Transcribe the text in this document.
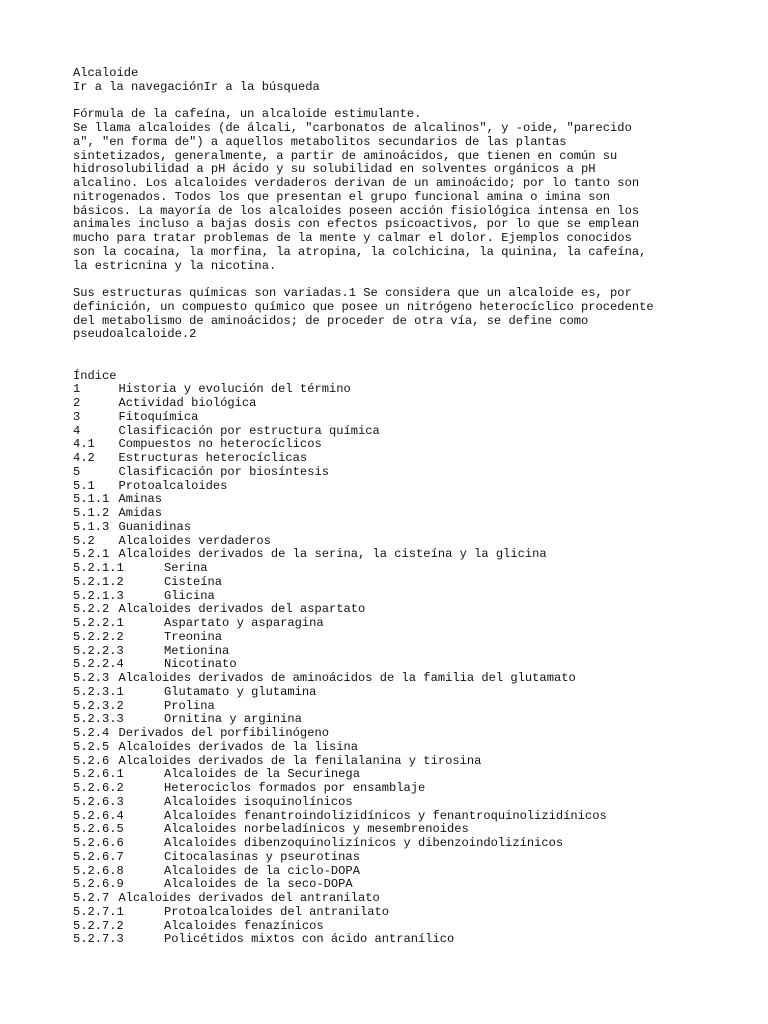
Alcaloide
Ir a la navegaciónIr a la búsqueda
Fórmula de la cafeína, un alcaloide estimulante.

Se llama alcaloides (de álcali, "carbonatos de alcalinos", y -oide, "parecido
a", "en forma de") a aquellos metabolitos secundarios de las plantas
sintetizados, generalmente, a partir de aminoácidos, que tienen en común su
hidrosolubilidad a pH ácido y su solubilidad en solventes orgánicos a pH
alcalino. Los alcaloides verdaderos derivan de un aminoácido; por lo tanto son
nitrogenados. Todos los que presentan el grupo funcional amina o imina son
básicos. La mayoría de los alcaloides poseen acción fisiológica intensa en los
animales incluso a bajas dosis con efectos psicoactivos, por lo que se emplean
mucho para tratar problemas de la mente y calmar el dolor. Ejemplos conocidos
son la cocaína, la morfina, la atropina, la colchicina, la quinina, la cafeína,
la estricnina y la nicotina.

Sus estructuras químicas son variadas.1 Se considera que un alcaloide es, por
definición, un compuesto químico que posee un nitrógeno heterocíclico procedente
del metabolismo de aminoácidos; de proceder de otra vía, se define como
pseudoalcaloide.2

Índice
1	Historia y evolución del término
2	Actividad biológica
3	Fitoquímica
4	Clasificación por estructura química
4.1	Compuestos no heterocíclicos
4.2	Estructuras heterocíclicas
5	Clasificación por biosíntesis
5.1	Protoalcaloides
5.1.1 Aminas
5.1.2 Amidas
5.1.3 Guanidinas
5.2	Alcaloides verdaderos
5.2.1 Alcaloides derivados de la serina, la cisteína y la glicina
5.2.1.1	Serina
5.2.1.2	Cisteína
5.2.1.3	Glicina
5.2.2 Alcaloides derivados del aspartato
5.2.2.1	Aspartato y asparagina
5.2.2.2	Treonina
5.2.2.3	Metionina
5.2.2.4	Nicotinato
5.2.3 Alcaloides derivados de aminoácidos de la familia del glutamato
5.2.3.1	Glutamato y glutamina
5.2.3.2	Prolina
5.2.3.3	Ornitina y arginina
5.2.4 Derivados del porfibilinógeno
5.2.5 Alcaloides derivados de la lisina
5.2.6 Alcaloides derivados de la fenilalanina y tirosina
5.2.6.1	Alcaloides de la Securinega
5.2.6.2	Heterociclos formados por ensamblaje
5.2.6.3	Alcaloides isoquinolínicos
5.2.6.4	Alcaloides fenantroindolizidínicos y fenantroquinolizidínicos
5.2.6.5	Alcaloides norbeladínicos y mesembrenoides
5.2.6.6	Alcaloides dibenzoquinolizínicos y dibenzoindolizínicos
5.2.6.7	Citocalasinas y pseurotinas
5.2.6.8	Alcaloides de la ciclo-DOPA
5.2.6.9	Alcaloides de la seco-DOPA
5.2.7 Alcaloides derivados del antranilato
5.2.7.1	Protoalcaloides del antranilato
5.2.7.2	Alcaloides fenazínicos
5.2.7.3	Policétidos mixtos con ácido antranílico
